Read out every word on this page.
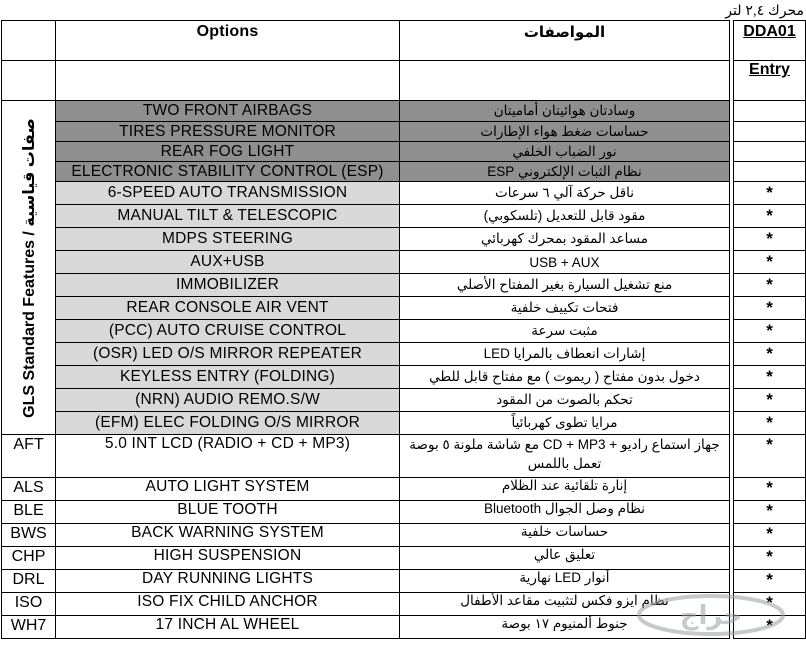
محرك ٢,٤ لتر
	Options	المواصفات		DDA01
				Entry

GLS Standard Features / صفات قياسية	TWO FRONT AIRBAGS	وسادتان هوائيتان أماميتان		
	TIRES PRESSURE MONITOR	حساسات ضغط هواء الإطارات		
	REAR FOG LIGHT	نور الضباب الخلفي		
	ELECTRONIC STABILITY CONTROL (ESP)	نظام الثبات الإلكتروني ESP		
	6-SPEED AUTO TRANSMISSION	ناقل حركة آلي ٦ سرعات		*
	MANUAL TILT & TELESCOPIC	مقود قابل للتعديل (تلسكوبي)		*
	MDPS STEERING	مساعد المقود بمحرك كهربائي		*
	AUX+USB	USB + AUX		*
	IMMOBILIZER	منع تشغيل السيارة بغير المفتاح الأصلي		*
	REAR CONSOLE AIR VENT	فتحات تكييف خلفية		*
	(PCC) AUTO CRUISE CONTROL	مثبت سرعة		*
	(OSR) LED O/S MIRROR REPEATER	إشارات انعطاف بالمرايا LED		*
	KEYLESS ENTRY (FOLDING)	دخول بدون مفتاح ( ريموت ) مع مفتاح قابل للطي		*
	(NRN) AUDIO REMO.S/W	تحكم بالصوت من المقود		*
	(EFM) ELEC FOLDING O/S MIRROR	مرايا تطوى كهربائياً		*
AFT	5.0 INT LCD (RADIO + CD + MP3)	جهاز استماع راديو + CD + MP3 مع شاشة ملونة ٥ بوصة
تعمل باللمس		*
ALS	AUTO LIGHT SYSTEM	إنارة تلقائية عند الظلام		*
BLE	BLUE TOOTH	نظام وصل الجوال Bluetooth		*
BWS	BACK WARNING SYSTEM	حساسات خلفية		*
CHP	HIGH SUSPENSION	تعليق عالي		*
DRL	DAY RUNNING LIGHTS	أنوار LED نهارية		*
ISO	ISO FIX CHILD ANCHOR	نظام ايزو فكس لتثبيت مقاعد الأطفال		*
WH7	17 INCH AL WHEEL	جنوط ألمنيوم ١٧ بوصة		*
حراج
